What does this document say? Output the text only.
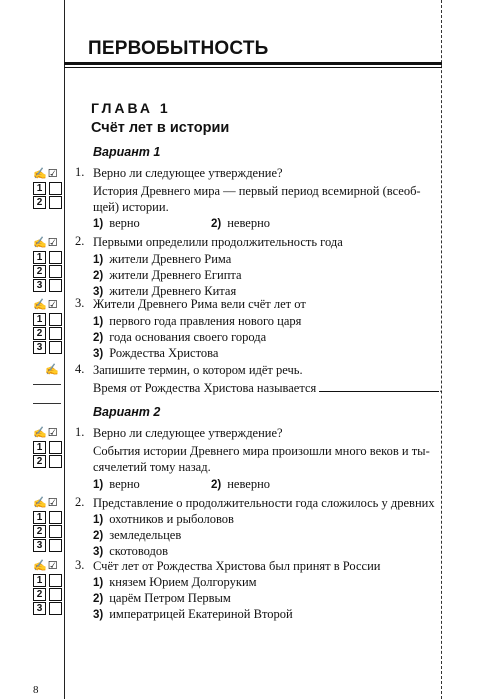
ПЕРВОБЫТНОСТЬ
ГЛАВА 1
Счёт лет в истории
Вариант 1
✍☑
1
2
1. Верно ли следующее утверждение?
История Древнего мира — первый период всемирной (всеоб-
щей) истории.
1) верно	2) неверно
✍☑
1
2
3
2. Первыми определили продолжительность года
1) жители Древнего Рима
2) жители Древнего Египта
3) жители Древнего Китая
✍☑
1
2
3
3. Жители Древнего Рима вели счёт лет от
1) первого года правления нового царя
2) года основания своего города
3) Рождества Христова
✍ 4. Запишите термин, о котором идёт речь.
Время от Рождества Христова называется	.
Вариант 2
✍☑
1
2
1. Верно ли следующее утверждение?
События истории Древнего мира произошли много веков и ты-
сячелетий тому назад.
1) верно	2) неверно
✍☑
1
2
3
2. Представление о продолжительности года сложилось у древних
1) охотников и рыболовов
2) земледельцев
3) скотоводов
✍☑
1
2
3
3. Счёт лет от Рождества Христова был принят в России
1) князем Юрием Долгоруким
2) царём Петром Первым
3) императрицей Екатериной Второй
8
